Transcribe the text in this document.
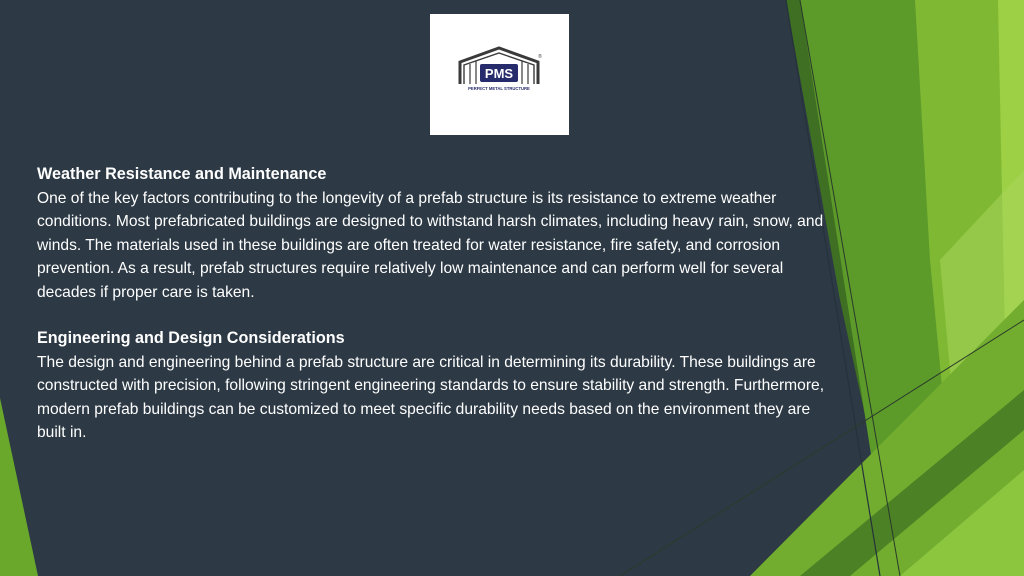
PMS
®
PERFECT METAL STRUCTURE

Weather Resistance and Maintenance

One of the key factors contributing to the longevity of a prefab structure is its resistance to extreme weather conditions. Most prefabricated buildings are designed to withstand harsh climates, including heavy rain, snow, and winds. The materials used in these buildings are often treated for water resistance, fire safety, and corrosion prevention. As a result, prefab structures require relatively low maintenance and can perform well for several decades if proper care is taken.

Engineering and Design Considerations

The design and engineering behind a prefab structure are critical in determining its durability. These buildings are constructed with precision, following stringent engineering standards to ensure stability and strength. Furthermore, modern prefab buildings can be customized to meet specific durability needs based on the environment they are built in.
